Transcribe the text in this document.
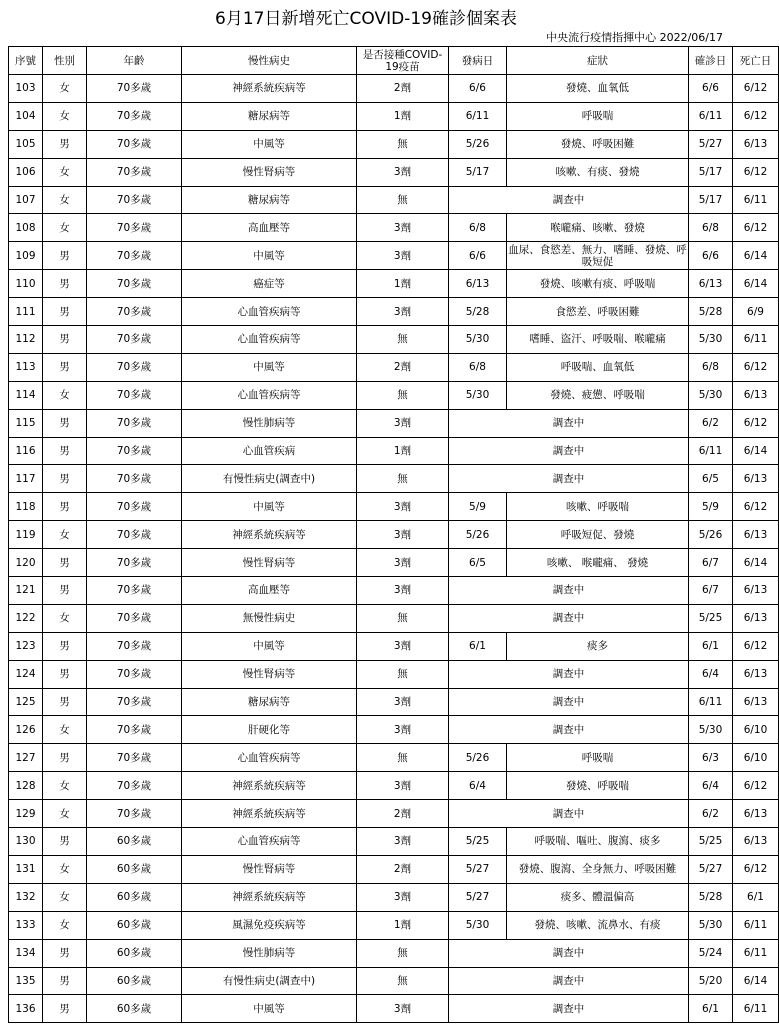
6月17日新增死亡COVID-19確診個案表
中央流行疫情指揮中心 2022/06/17
序號	性別	年齡	慢性病史	是否接種COVID-19疫苗	發病日	症狀	確診日	死亡日
103	女	70多歲	神經系統疾病等	2劑	6/6	發燒、血氧低	6/6	6/12
104	女	70多歲	糖尿病等	1劑	6/11	呼吸喘	6/11	6/12
105	男	70多歲	中風等	無	5/26	發燒、呼吸困難	5/27	6/13
106	女	70多歲	慢性腎病等	3劑	5/17	咳嗽、有痰、發燒	5/17	6/12
107	女	70多歲	糖尿病等	無	調查中		5/17	6/11
108	女	70多歲	高血壓等	3劑	6/8	喉嚨痛、咳嗽、發燒	6/8	6/12
109	男	70多歲	中風等	3劑	6/6	血尿、食慾差、無力、嗜睡、發燒、呼吸短促	6/6	6/14
110	男	70多歲	癌症等	1劑	6/13	發燒、咳嗽有痰、呼吸喘	6/13	6/14
111	男	70多歲	心血管疾病等	3劑	5/28	食慾差、呼吸困難	5/28	6/9
112	男	70多歲	心血管疾病等	無	5/30	嗜睡、盜汗、呼吸喘、喉嚨痛	5/30	6/11
113	男	70多歲	中風等	2劑	6/8	呼吸喘、血氧低	6/8	6/12
114	女	70多歲	心血管疾病等	無	5/30	發燒、疲憊、呼吸喘	5/30	6/13
115	男	70多歲	慢性肺病等	3劑	調查中		6/2	6/12
116	男	70多歲	心血管疾病	1劑	調查中		6/11	6/14
117	男	70多歲	有慢性病史(調查中)	無	調查中		6/5	6/13
118	男	70多歲	中風等	3劑	5/9	咳嗽、呼吸喘	5/9	6/12
119	女	70多歲	神經系統疾病等	3劑	5/26	呼吸短促、發燒	5/26	6/13
120	男	70多歲	慢性腎病等	3劑	6/5	咳嗽、 喉嚨痛、 發燒	6/7	6/14
121	男	70多歲	高血壓等	3劑	調查中		6/7	6/13
122	女	70多歲	無慢性病史	無	調查中		5/25	6/13
123	男	70多歲	中風等	3劑	6/1	痰多	6/1	6/12
124	男	70多歲	慢性腎病等	無	調查中		6/4	6/13
125	男	70多歲	糖尿病等	3劑	調查中		6/11	6/13
126	女	70多歲	肝硬化等	3劑	調查中		5/30	6/10
127	男	70多歲	心血管疾病等	無	5/26	呼吸喘	6/3	6/10
128	女	70多歲	神經系統疾病等	3劑	6/4	發燒、呼吸喘	6/4	6/12
129	女	70多歲	神經系統疾病等	2劑	調查中		6/2	6/13
130	男	60多歲	心血管疾病等	3劑	5/25	呼吸喘、嘔吐、腹瀉、痰多	5/25	6/13
131	女	60多歲	慢性腎病等	2劑	5/27	發燒、腹瀉、全身無力、呼吸困難	5/27	6/12
132	女	60多歲	神經系統疾病等	3劑	5/27	痰多、體溫偏高	5/28	6/1
133	女	60多歲	風濕免疫疾病等	1劑	5/30	發燒、咳嗽、流鼻水、有痰	5/30	6/11
134	男	60多歲	慢性肺病等	無	調查中		5/24	6/11
135	男	60多歲	有慢性病史(調查中)	無	調查中		5/20	6/14
136	男	60多歲	中風等	3劑	調查中		6/1	6/11
